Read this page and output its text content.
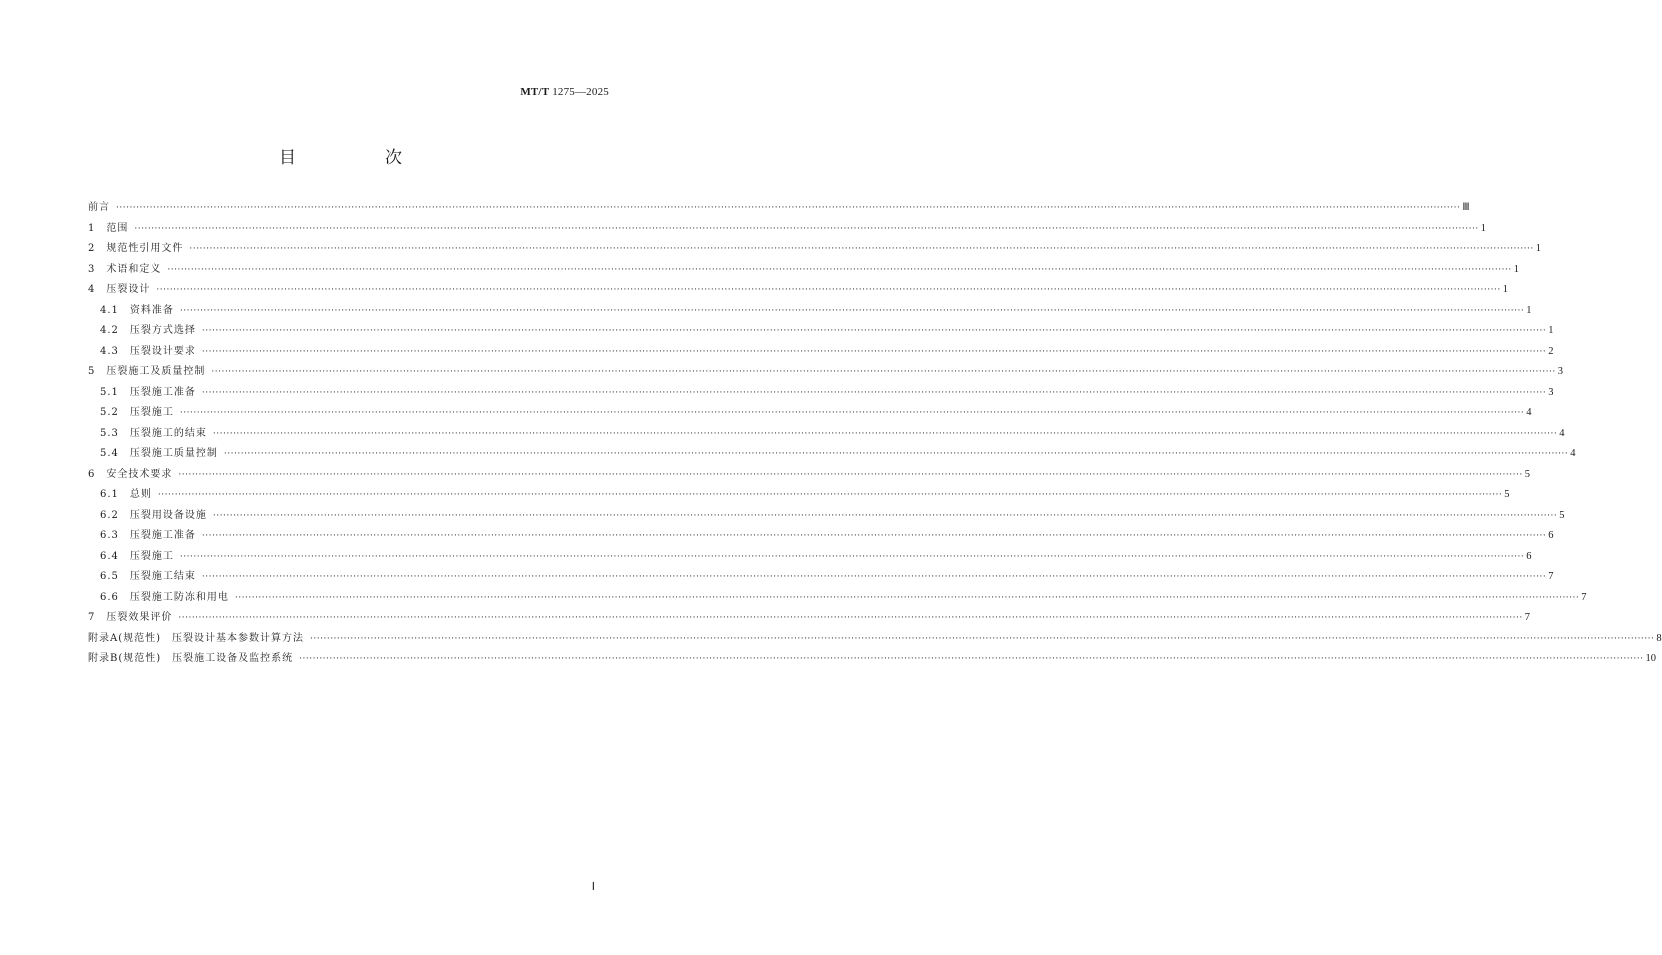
MT/T 1275—2025
目　次
前言 ················································································································································································································································································································································································································ Ⅲ
1　范围 ················································································································································································································································································································································································································ 1
2　规范性引用文件 ················································································································································································································································································································································································································ 1
3　术语和定义 ················································································································································································································································································································································································································ 1
4　压裂设计 ················································································································································································································································································································································································································ 1
4.1　资料准备 ················································································································································································································································································································································································································ 1
4.2　压裂方式选择 ················································································································································································································································································································································································································ 1
4.3　压裂设计要求 ················································································································································································································································································································································································································ 2
5　压裂施工及质量控制 ················································································································································································································································································································································································································ 3
5.1　压裂施工准备 ················································································································································································································································································································································································································ 3
5.2　压裂施工 ················································································································································································································································································································································································································ 4
5.3　压裂施工的结束 ················································································································································································································································································································································································································ 4
5.4　压裂施工质量控制 ················································································································································································································································································································································································································ 4
6　安全技术要求 ················································································································································································································································································································································································································ 5
6.1　总则 ················································································································································································································································································································································································································ 5
6.2　压裂用设备设施 ················································································································································································································································································································································································································ 5
6.3　压裂施工准备 ················································································································································································································································································································································································································ 6
6.4　压裂施工 ················································································································································································································································································································································································································ 6
6.5　压裂施工结束 ················································································································································································································································································································································································································ 7
6.6　压裂施工防冻和用电 ················································································································································································································································································································································································································ 7
7　压裂效果评价 ················································································································································································································································································································································································································ 7
附录A(规范性)　压裂设计基本参数计算方法 ················································································································································································································································································································································································································ 8
附录B(规范性)　压裂施工设备及监控系统 ················································································································································································································································································································································································································ 10
Ⅰ
